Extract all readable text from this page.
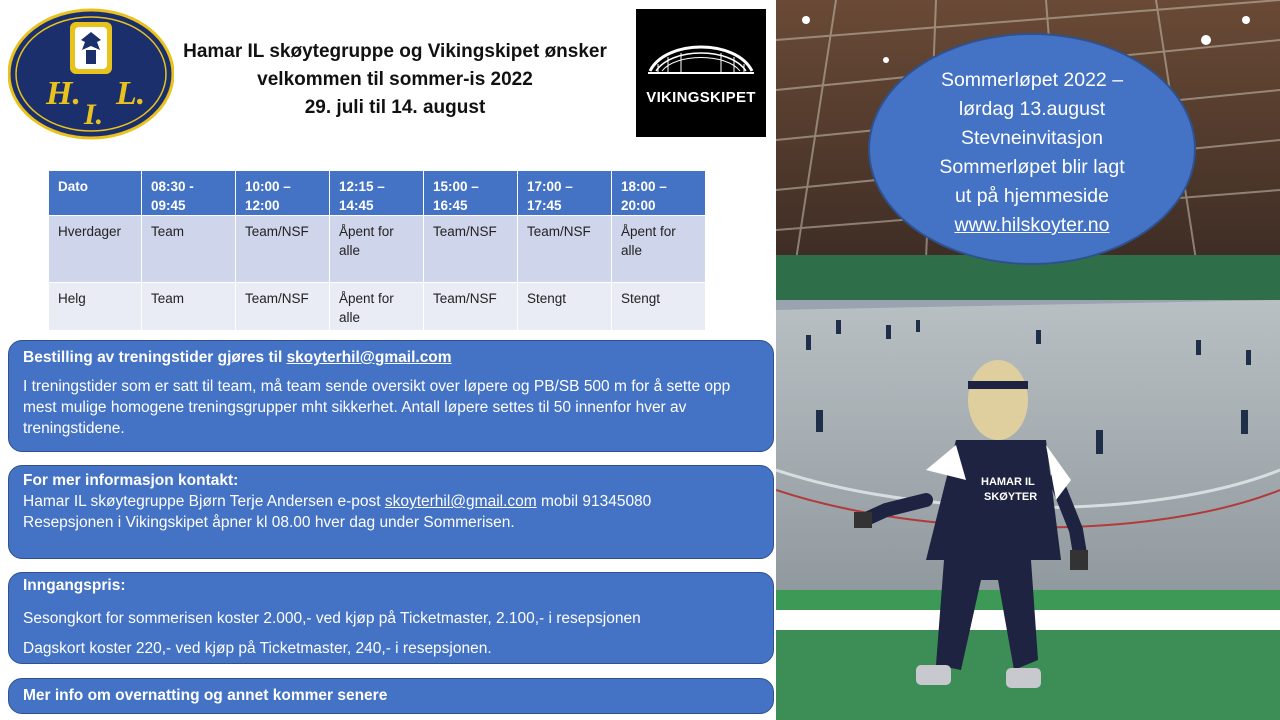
H.
I.
L.
Hamar IL skøytegruppe og Vikingskipet ønsker
velkommen til sommer-is 2022
29. juli til 14. august	VIKINGSKIPET
Dato	08:30 - 09:45	10:00 – 12:00	12:15 – 14:45	15:00 – 16:45	17:00 – 17:45	18:00 – 20:00
Hverdager	Team	Team/NSF	Åpent for alle	Team/NSF	Team/NSF	Åpent for alle
Helg	Team	Team/NSF	Åpent for alle	Team/NSF	Stengt	Stengt
Bestilling av treningstider gjøres til skoyterhil@gmail.com
I treningstider som er satt til team, må team sende oversikt over løpere og PB/SB 500 m for å sette opp mest mulige homogene treningsgrupper mht sikkerhet. Antall løpere settes til 50 innenfor hver av treningstidene.
For mer informasjon kontakt:
Hamar IL skøytegruppe Bjørn Terje Andersen e-post skoyterhil@gmail.com mobil 91345080
Resepsjonen i Vikingskipet åpner kl 08.00 hver dag under Sommerisen.
Inngangspris:
Sesongkort for sommerisen koster 2.000,- ved kjøp på Ticketmaster, 2.100,- i resepsjonen
Dagskort koster 220,- ved kjøp på Ticketmaster, 240,- i resepsjonen.
Mer info om overnatting og annet kommer senere
HAMAR IL
SKØYTER
Sommerløpet 2022 –
lørdag 13.august
Stevneinvitasjon
Sommerløpet blir lagt
ut på hjemmeside
www.hilskoyter.no
